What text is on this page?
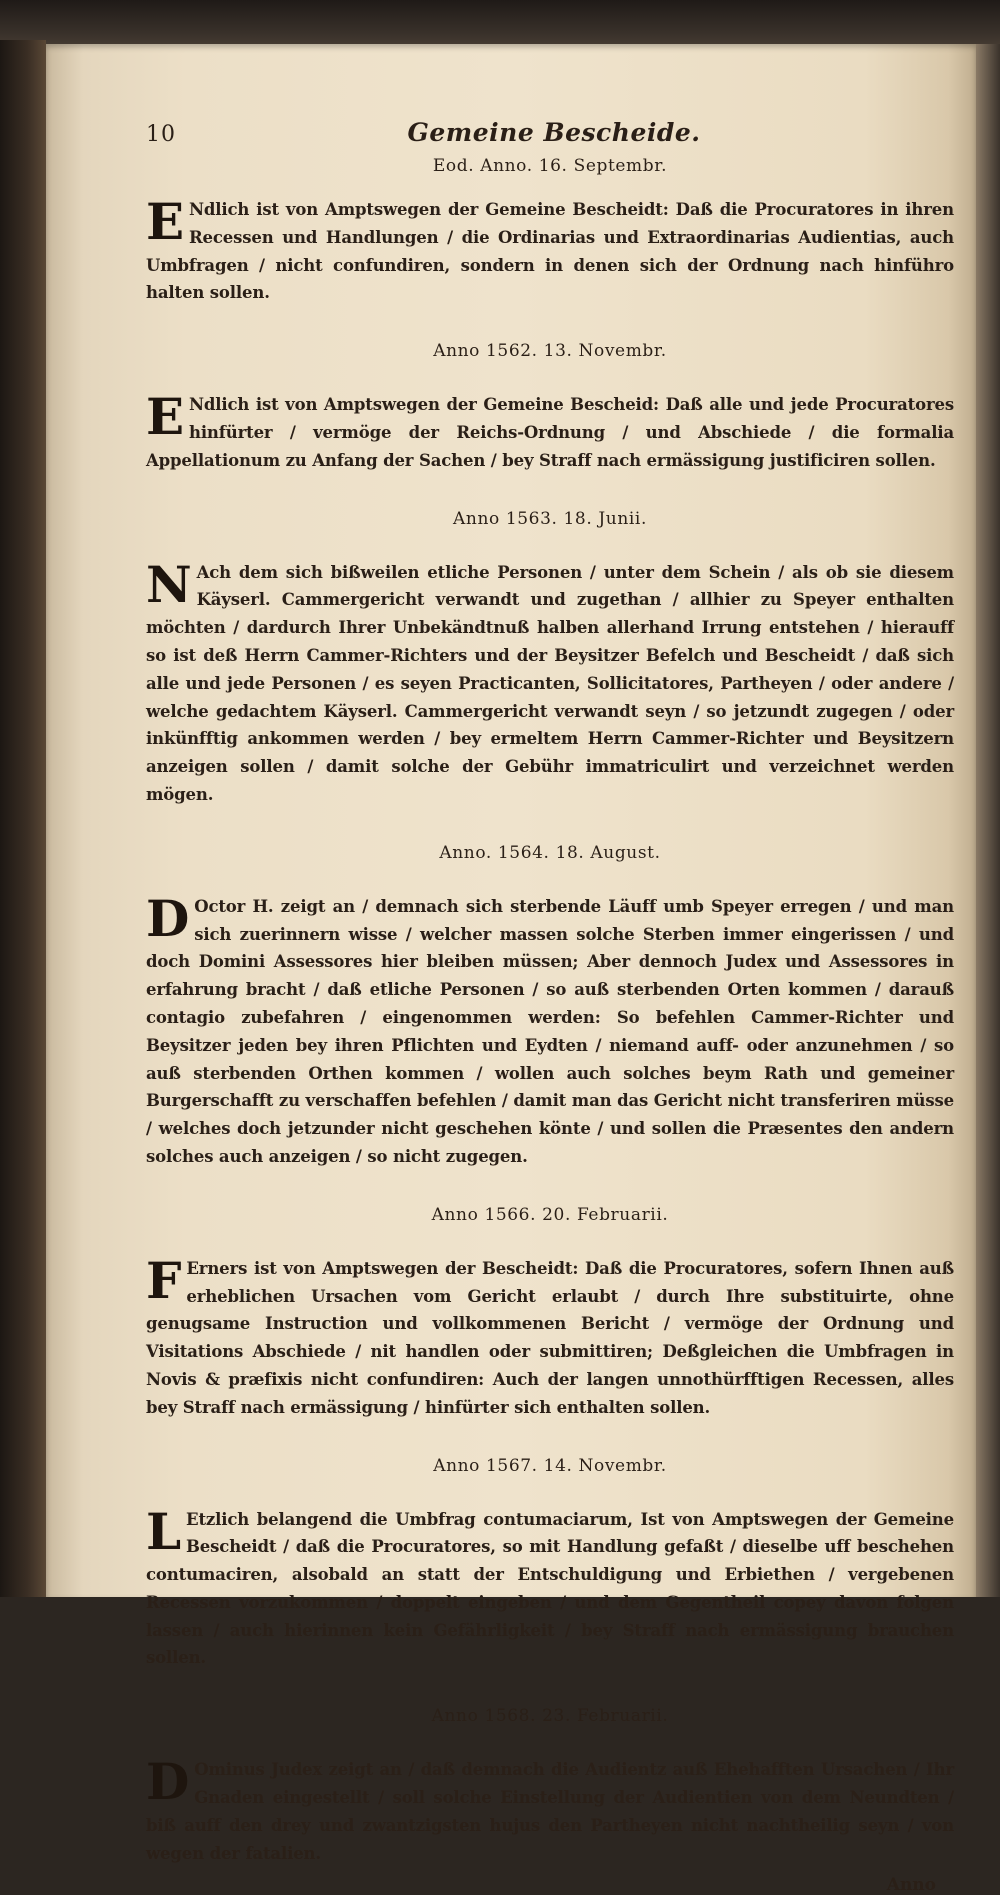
10	Gemeine Bescheide.

Eod. Anno. 16. Septembr.

E Ndlich ist von Amptswegen der Gemeine Bescheidt: Daß die Procuratores in ihren Recessen und Handlungen / die Ordinarias und Extraordinarias Audientias, auch Umbfragen / nicht confundiren, sondern in denen sich der Ordnung nach hinführo halten sollen.

Anno 1562. 13. Novembr.

E Ndlich ist von Amptswegen der Gemeine Bescheid: Daß alle und jede Procuratores hinfürter / vermöge der Reichs-Ordnung / und Abschiede / die formalia Appellationum zu Anfang der Sachen / bey Straff nach ermässigung justificiren sollen.

Anno 1563. 18. Junii.

N Ach dem sich bißweilen etliche Personen / unter dem Schein / als ob sie diesem Käyserl. Cammergericht verwandt und zugethan / allhier zu Speyer enthalten möchten / dardurch Ihrer Unbekändtnuß halben allerhand Irrung entstehen / hierauff so ist deß Herrn Cammer-Richters und der Beysitzer Befelch und Bescheidt / daß sich alle und jede Personen / es seyen Practicanten, Sollicitatores, Partheyen / oder andere / welche gedachtem Käyserl. Cammergericht verwandt seyn / so jetzundt zugegen / oder inkünfftig ankommen werden / bey ermeltem Herrn Cammer-Richter und Beysitzern anzeigen sollen / damit solche der Gebühr immatriculirt und verzeichnet werden mögen.

Anno. 1564. 18. August.

D Octor H. zeigt an / demnach sich sterbende Läuff umb Speyer erregen / und man sich zuerinnern wisse / welcher massen solche Sterben immer eingerissen / und doch Domini Assessores hier bleiben müssen; Aber dennoch Judex und Assessores in erfahrung bracht / daß etliche Personen / so auß sterbenden Orten kommen / darauß contagio zubefahren / eingenommen werden: So befehlen Cammer-Richter und Beysitzer jeden bey ihren Pflichten und Eydten / niemand auff- oder anzunehmen / so auß sterbenden Orthen kommen / wollen auch solches beym Rath und gemeiner Burgerschafft zu verschaffen befehlen / damit man das Gericht nicht transferiren müsse / welches doch jetzunder nicht geschehen könte / und sollen die Præsentes den andern solches auch anzeigen / so nicht zugegen.

Anno 1566. 20. Februarii.

F Erners ist von Amptswegen der Bescheidt: Daß die Procuratores, sofern Ihnen auß erheblichen Ursachen vom Gericht erlaubt / durch Ihre substituirte, ohne genugsame Instruction und vollkommenen Bericht / vermöge der Ordnung und Visitations Abschiede / nit handlen oder submittiren; Deßgleichen die Umbfragen in Novis & præfixis nicht confundiren: Auch der langen unnothürfftigen Recessen, alles bey Straff nach ermässigung / hinfürter sich enthalten sollen.

Anno 1567. 14. Novembr.

L Etzlich belangend die Umbfrag contumaciarum, Ist von Amptswegen der Gemeine Bescheidt / daß die Procuratores, so mit Handlung gefaßt / dieselbe uff beschehen contumaciren, alsobald an statt der Entschuldigung und Erbiethen / vergebenen Recessen vorzukommen / doppelt eingeben / und dem Gegentheil copey davon folgen lassen / auch hierinnen kein Gefährligkeit / bey Straff nach ermässigung brauchen sollen.

Anno 1568. 23. Februarii.

D Ominus Judex zeigt an / daß demnach die Audientz auß Ehehafften Ursachen / Ihr Gnaden eingestellt / soll solche Einstellung der Audientien von dem Neundten / biß auff den drey und zwantzigsten hujus den Partheyen nicht nachtheilig seyn / von wegen der fatalien.

Anno
